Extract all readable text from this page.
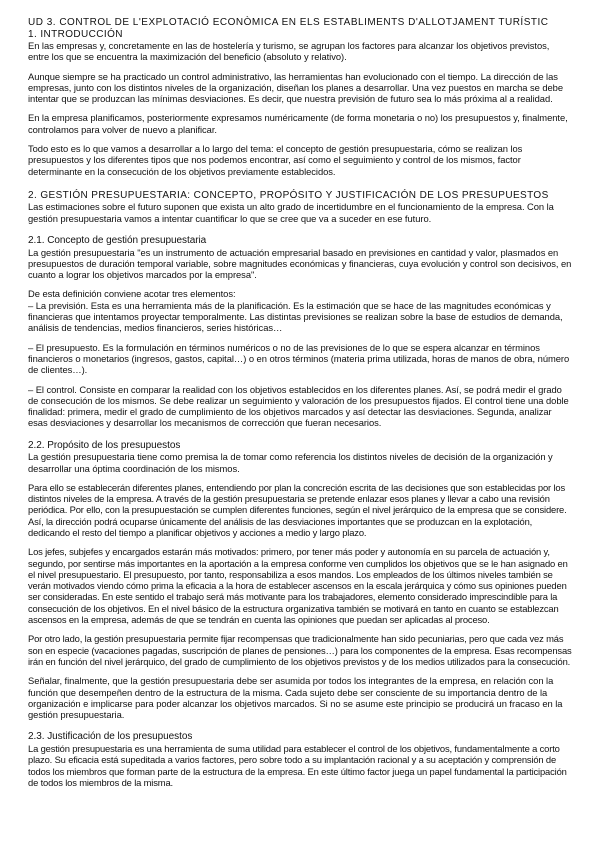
UD 3. CONTROL DE L'EXPLOTACIÓ ECONÒMICA EN ELS ESTABLIMENTS D'ALLOTJAMENT TURÍSTIC
1. INTRODUCCIÓN

En las empresas y, concretamente en las de hostelería y turismo, se agrupan los factores para alcanzar los objetivos previstos, entre los que se encuentra la maximización del beneficio (absoluto y relativo).

Aunque siempre se ha practicado un control administrativo, las herramientas han evolucionado con el tiempo. La dirección de las empresas, junto con los distintos niveles de la organización, diseñan los planes a desarrollar. Una vez puestos en marcha se debe intentar que se produzcan las mínimas desviaciones. Es decir, que nuestra previsión de futuro sea lo más próxima al a realidad.

En la empresa planificamos, posteriormente expresamos numéricamente (de forma monetaria o no) los presupuestos y, finalmente, controlamos para volver de nuevo a planificar.

Todo esto es lo que vamos a desarrollar a lo largo del tema: el concepto de gestión presupuestaria, cómo se realizan los presupuestos y los diferentes tipos que nos podemos encontrar, así como el seguimiento y control de los mismos, factor determinante en la consecución de los objetivos previamente establecidos.

2. GESTIÓN PRESUPUESTARIA: CONCEPTO, PROPÓSITO Y JUSTIFICACIÓN DE LOS PRESUPUESTOS

Las estimaciones sobre el futuro suponen que exista un alto grado de incertidumbre en el funcionamiento de la empresa. Con la gestión presupuestaria vamos a intentar cuantificar lo que se cree que va a suceder en ese futuro.

2.1. Concepto de gestión presupuestaria

La gestión presupuestaria "es un instrumento de actuación empresarial basado en previsiones en cantidad y valor, plasmados en presupuestos de duración temporal variable, sobre magnitudes económicas y financieras, cuya evolución y control son decisivos, en cuanto a lograr los objetivos marcados por la empresa".

De esta definición conviene acotar tres elementos:

– La previsión. Esta es una herramienta más de la planificación. Es la estimación que se hace de las magnitudes económicas y financieras que intentamos proyectar temporalmente. Las distintas previsiones se realizan sobre la base de estudios de demanda, análisis de tendencias, medios financieros, series históricas…

– El presupuesto. Es la formulación en términos numéricos o no de las previsiones de lo que se espera alcanzar en términos financieros o monetarios (ingresos, gastos, capital…) o en otros términos (materia prima utilizada, horas de manos de obra, número de clientes…).

– El control. Consiste en comparar la realidad con los objetivos establecidos en los diferentes planes. Así, se podrá medir el grado de consecución de los mismos. Se debe realizar un seguimiento y valoración de los presupuestos fijados. El control tiene una doble finalidad: primera, medir el grado de cumplimiento de los objetivos marcados y así detectar las desviaciones. Segunda, analizar esas desviaciones y desarrollar los mecanismos de corrección que fueran necesarios.

2.2. Propósito de los presupuestos

La gestión presupuestaria tiene como premisa la de tomar como referencia los distintos niveles de decisión de la organización y desarrollar una óptima coordinación de los mismos.

Para ello se establecerán diferentes planes, entendiendo por plan la concreción escrita de las decisiones que son establecidas por los distintos niveles de la empresa. A través de la gestión presupuestaria se pretende enlazar esos planes y llevar a cabo una revisión periódica. Por ello, con la presupuestación se cumplen diferentes funciones, según el nivel jerárquico de la empresa que se considere. Así, la dirección podrá ocuparse únicamente del análisis de las desviaciones importantes que se produzcan en la explotación, dedicando el resto del tiempo a planificar objetivos y acciones a medio y largo plazo.

Los jefes, subjefes y encargados estarán más motivados: primero, por tener más poder y autonomía en su parcela de actuación y, segundo, por sentirse más importantes en la aportación a la empresa conforme ven cumplidos los objetivos que se le han asignado en el nivel presupuestario. El presupuesto, por tanto, responsabiliza a esos mandos. Los empleados de los últimos niveles también se verán motivados viendo cómo prima la eficacia a la hora de establecer ascensos en la escala jerárquica y cómo sus opiniones pueden ser consideradas. En este sentido el trabajo será más motivante para los trabajadores, elemento considerado imprescindible para la consecución de los objetivos. En el nivel básico de la estructura organizativa también se motivará en tanto en cuanto se establezcan ascensos en la empresa, además de que se tendrán en cuenta las opiniones que puedan ser aplicadas al proceso.

Por otro lado, la gestión presupuestaria permite fijar recompensas que tradicionalmente han sido pecuniarias, pero que cada vez más son en especie (vacaciones pagadas, suscripción de planes de pensiones…) para los componentes de la empresa. Esas recompensas irán en función del nivel jerárquico, del grado de cumplimiento de los objetivos previstos y de los medios utilizados para la consecución.

Señalar, finalmente, que la gestión presupuestaria debe ser asumida por todos los integrantes de la empresa, en relación con la función que desempeñen dentro de la estructura de la misma. Cada sujeto debe ser consciente de su importancia dentro de la organización e implicarse para poder alcanzar los objetivos marcados. Si no se asume este principio se producirá un fracaso en la gestión presupuestaria.

2.3. Justificación de los presupuestos

La gestión presupuestaria es una herramienta de suma utilidad para establecer el control de los objetivos, fundamentalmente a corto plazo. Su eficacia está supeditada a varios factores, pero sobre todo a su implantación racional y a su aceptación y comprensión de todos los miembros que forman parte de la estructura de la empresa. En este último factor juega un papel fundamental la participación de todos los miembros de la misma.
